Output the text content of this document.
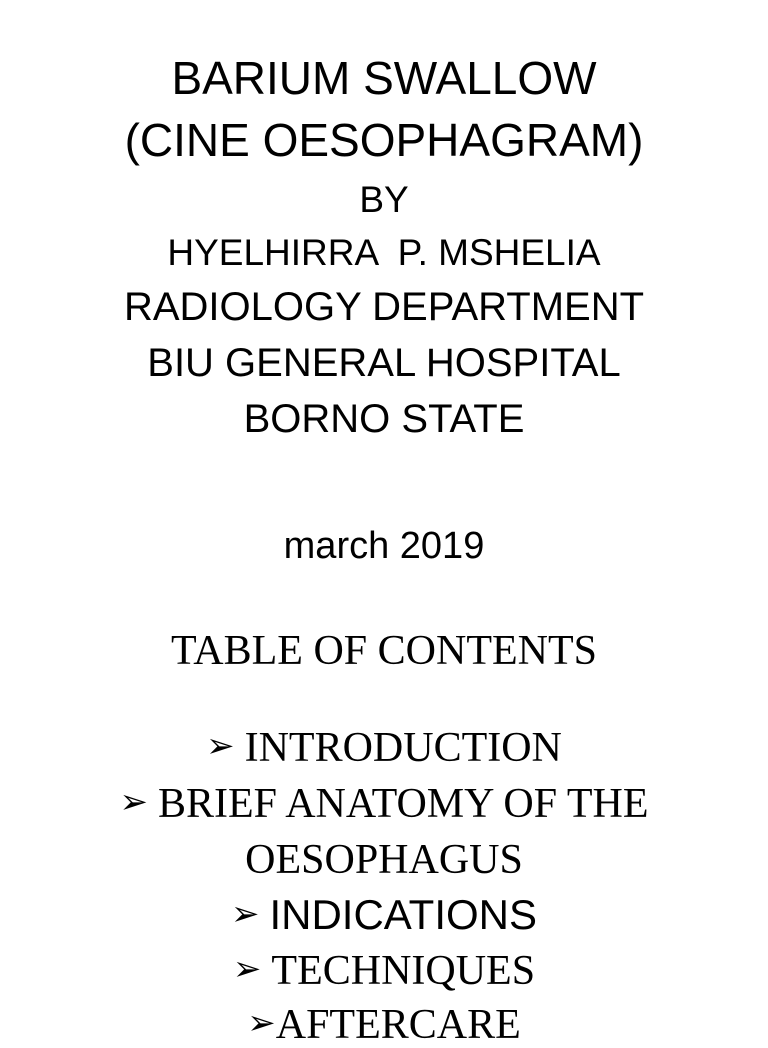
BARIUM SWALLOW
(CINE OESOPHAGRAM)
BY
HYELHIRRA  P. MSHELIA
RADIOLOGY DEPARTMENT
BIU GENERAL HOSPITAL
BORNO STATE
march 2019
TABLE OF CONTENTS
➢ INTRODUCTION
➢ BRIEF ANATOMY OF THE
OESOPHAGUS
➢ INDICATIONS
➢ TECHNIQUES
➢AFTERCARE
